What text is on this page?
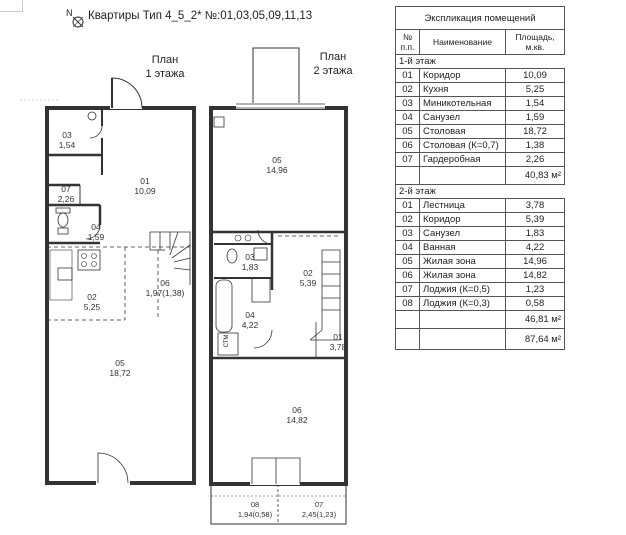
N Квартиры Тип 4_5_2* №:01,03,05,09,11,13
План
1 этажа
План
2 этажа
03
1,54
01
10,09
07
2,26
04
1,59
06
1,97(1,38)
02
5,25
05
18,72
05
14,96
03
1,83
02
5,39
04
4,22
01
3,78
06
14,82
08
1,94(0,58)
07
2,45(1,23)
СТМ
Экспликация помещений		
№ п.п.	Наименование	Площадь, м.кв.
1-й этаж		
01	Коридор	10,09
02	Кухня	5,25
03	Миникотельная	1,54
04	Санузел	1,59
05	Столовая	18,72
06	Столовая (К=0,7)	1,38
07	Гардеробная	2,26
		40,83 м²
2-й этаж		
01	Лестница	3,78
02	Коридор	5,39
03	Санузел	1,83
04	Ванная	4,22
05	Жилая зона	14,96
06	Жилая зона	14,82
07	Лоджия (К=0,5)	1,23
08	Лоджия (К=0,3)	0,58
		46,81 м²
		87,64 м²
